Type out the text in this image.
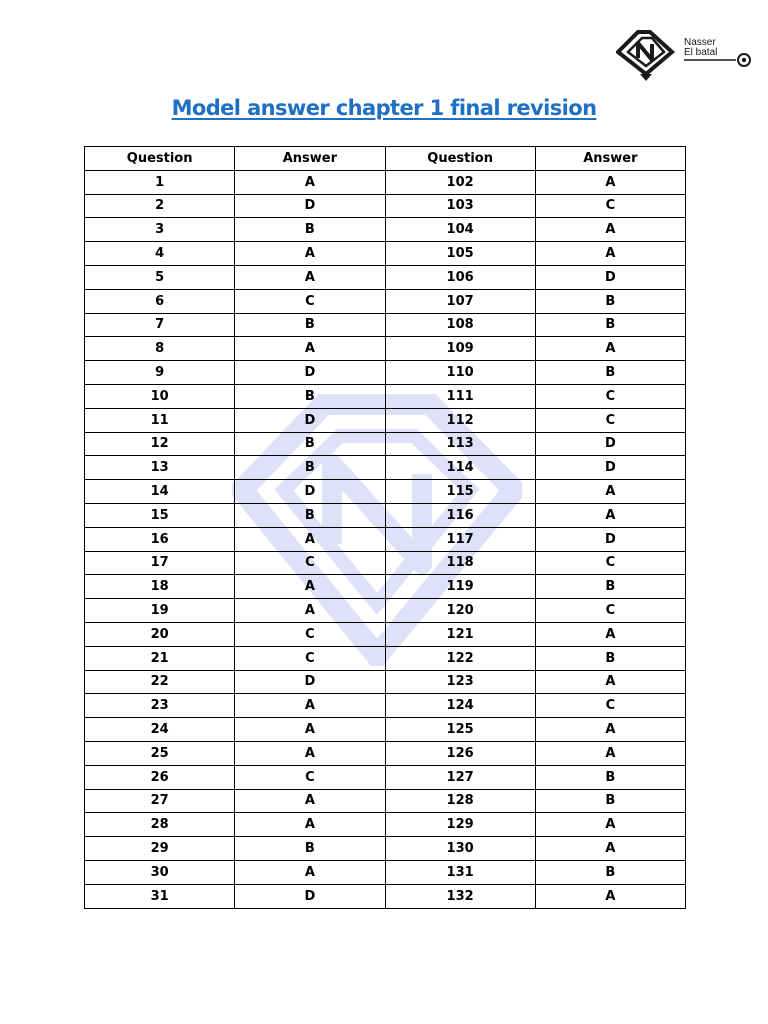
Nasser
El batal
Model answer chapter 1 final revision
Question	Answer	Question	Answer
1	A	102	A
2	D	103	C
3	B	104	A
4	A	105	A
5	A	106	D
6	C	107	B
7	B	108	B
8	A	109	A
9	D	110	B
10	B	111	C
11	D	112	C
12	B	113	D
13	B	114	D
14	D	115	A
15	B	116	A
16	A	117	D
17	C	118	C
18	A	119	B
19	A	120	C
20	C	121	A
21	C	122	B
22	D	123	A
23	A	124	C
24	A	125	A
25	A	126	A
26	C	127	B
27	A	128	B
28	A	129	A
29	B	130	A
30	A	131	B
31	D	132	A
